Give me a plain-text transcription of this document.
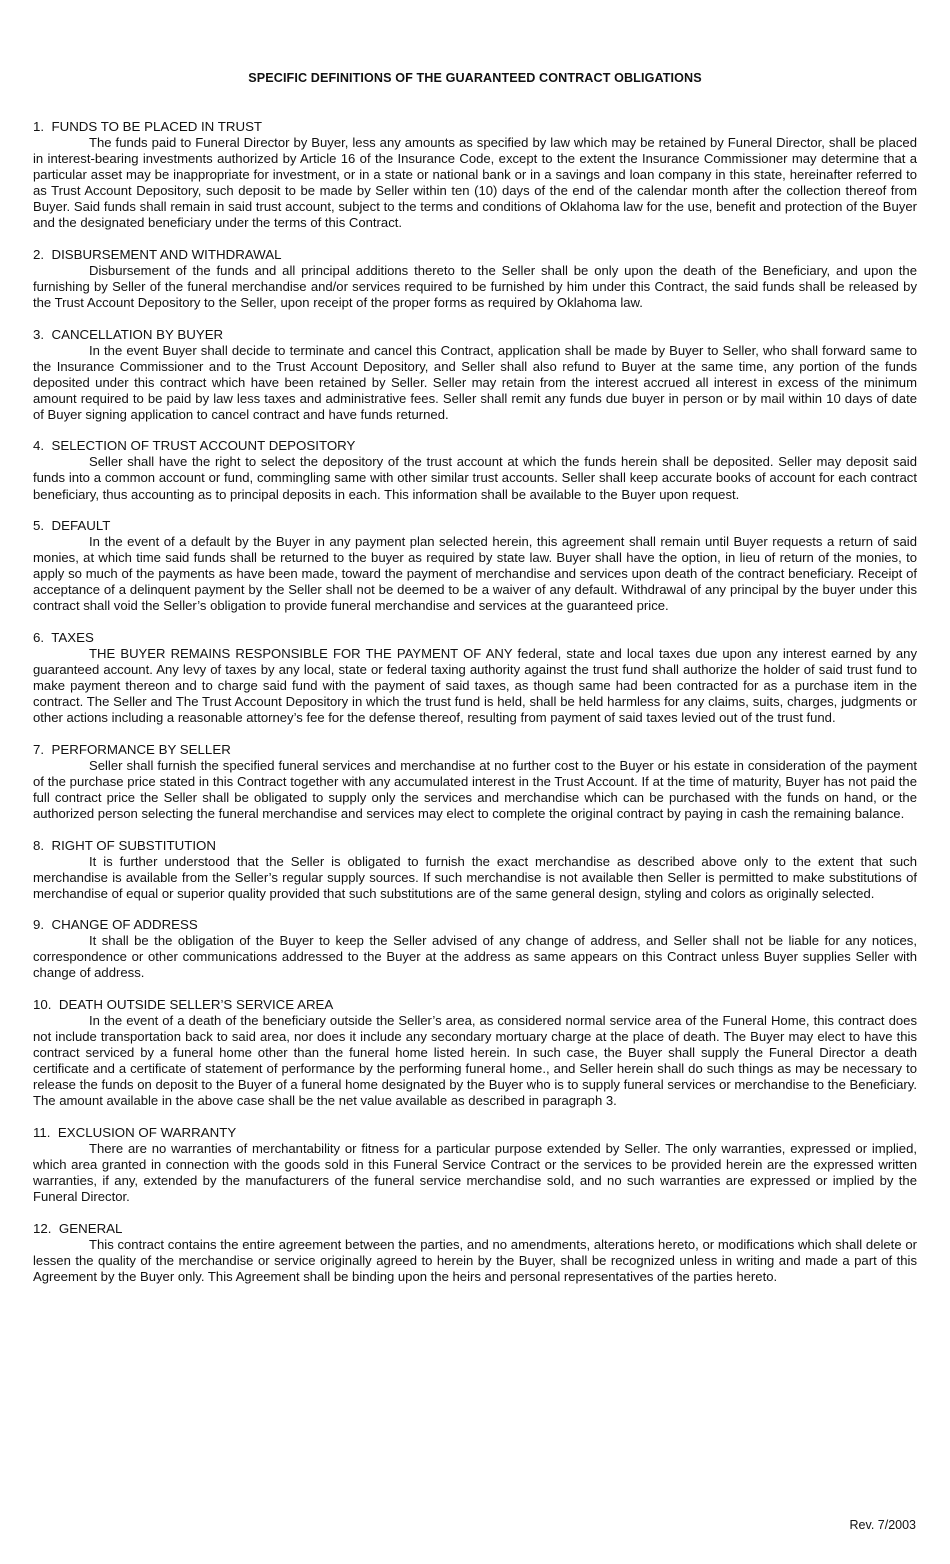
SPECIFIC DEFINITIONS OF THE GUARANTEED CONTRACT OBLIGATIONS

1. FUNDS TO BE PLACED IN TRUST

The funds paid to Funeral Director by Buyer, less any amounts as specified by law which may be retained by Funeral Director, shall be placed in interest-bearing investments authorized by Article 16 of the Insurance Code, except to the extent the Insurance Commissioner may determine that a particular asset may be inappropriate for investment, or in a state or national bank or in a savings and loan company in this state, hereinafter referred to as Trust Account Depository, such deposit to be made by Seller within ten (10) days of the end of the calendar month after the collection thereof from Buyer. Said funds shall remain in said trust account, subject to the terms and conditions of Oklahoma law for the use, benefit and protection of the Buyer and the designated beneficiary under the terms of this Contract.

2. DISBURSEMENT AND WITHDRAWAL

Disbursement of the funds and all principal additions thereto to the Seller shall be only upon the death of the Beneficiary, and upon the furnishing by Seller of the funeral merchandise and/or services required to be furnished by him under this Contract, the said funds shall be released by the Trust Account Depository to the Seller, upon receipt of the proper forms as required by Oklahoma law.

3. CANCELLATION BY BUYER

In the event Buyer shall decide to terminate and cancel this Contract, application shall be made by Buyer to Seller, who shall forward same to the Insurance Commissioner and to the Trust Account Depository, and Seller shall also refund to Buyer at the same time, any portion of the funds deposited under this contract which have been retained by Seller. Seller may retain from the interest accrued all interest in excess of the minimum amount required to be paid by law less taxes and administrative fees. Seller shall remit any funds due buyer in person or by mail within 10 days of date of Buyer signing application to cancel contract and have funds returned.

4. SELECTION OF TRUST ACCOUNT DEPOSITORY

Seller shall have the right to select the depository of the trust account at which the funds herein shall be deposited. Seller may deposit said funds into a common account or fund, commingling same with other similar trust accounts. Seller shall keep accurate books of account for each contract beneficiary, thus accounting as to principal deposits in each. This information shall be available to the Buyer upon request.

5. DEFAULT

In the event of a default by the Buyer in any payment plan selected herein, this agreement shall remain until Buyer requests a return of said monies, at which time said funds shall be returned to the buyer as required by state law. Buyer shall have the option, in lieu of return of the monies, to apply so much of the payments as have been made, toward the payment of merchandise and services upon death of the contract beneficiary. Receipt of acceptance of a delinquent payment by the Seller shall not be deemed to be a waiver of any default. Withdrawal of any principal by the buyer under this contract shall void the Seller’s obligation to provide funeral merchandise and services at the guaranteed price.

6. TAXES

THE BUYER REMAINS RESPONSIBLE FOR THE PAYMENT OF ANY federal, state and local taxes due upon any interest earned by any guaranteed account. Any levy of taxes by any local, state or federal taxing authority against the trust fund shall authorize the holder of said trust fund to make payment thereon and to charge said fund with the payment of said taxes, as though same had been contracted for as a purchase item in the contract. The Seller and The Trust Account Depository in which the trust fund is held, shall be held harmless for any claims, suits, charges, judgments or other actions including a reasonable attorney’s fee for the defense thereof, resulting from payment of said taxes levied out of the trust fund.

7. PERFORMANCE BY SELLER

Seller shall furnish the specified funeral services and merchandise at no further cost to the Buyer or his estate in consideration of the payment of the purchase price stated in this Contract together with any accumulated interest in the Trust Account. If at the time of maturity, Buyer has not paid the full contract price the Seller shall be obligated to supply only the services and merchandise which can be purchased with the funds on hand, or the authorized person selecting the funeral merchandise and services may elect to complete the original contract by paying in cash the remaining balance.

8. RIGHT OF SUBSTITUTION

It is further understood that the Seller is obligated to furnish the exact merchandise as described above only to the extent that such merchandise is available from the Seller’s regular supply sources. If such merchandise is not available then Seller is permitted to make substitutions of merchandise of equal or superior quality provided that such substitutions are of the same general design, styling and colors as originally selected.

9. CHANGE OF ADDRESS

It shall be the obligation of the Buyer to keep the Seller advised of any change of address, and Seller shall not be liable for any notices, correspondence or other communications addressed to the Buyer at the address as same appears on this Contract unless Buyer supplies Seller with change of address.

10. DEATH OUTSIDE SELLER’S SERVICE AREA

In the event of a death of the beneficiary outside the Seller’s area, as considered normal service area of the Funeral Home, this contract does not include transportation back to said area, nor does it include any secondary mortuary charge at the place of death. The Buyer may elect to have this contract serviced by a funeral home other than the funeral home listed herein. In such case, the Buyer shall supply the Funeral Director a death certificate and a certificate of statement of performance by the performing funeral home., and Seller herein shall do such things as may be necessary to release the funds on deposit to the Buyer of a funeral home designated by the Buyer who is to supply funeral services or merchandise to the Beneficiary. The amount available in the above case shall be the net value available as described in paragraph 3.

11. EXCLUSION OF WARRANTY

There are no warranties of merchantability or fitness for a particular purpose extended by Seller. The only warranties, expressed or implied, which area granted in connection with the goods sold in this Funeral Service Contract or the services to be provided herein are the expressed written warranties, if any, extended by the manufacturers of the funeral service merchandise sold, and no such warranties are expressed or implied by the Funeral Director.

12. GENERAL

This contract contains the entire agreement between the parties, and no amendments, alterations hereto, or modifications which shall delete or lessen the quality of the merchandise or service originally agreed to herein by the Buyer, shall be recognized unless in writing and made a part of this Agreement by the Buyer only. This Agreement shall be binding upon the heirs and personal representatives of the parties hereto.

Rev. 7/2003
